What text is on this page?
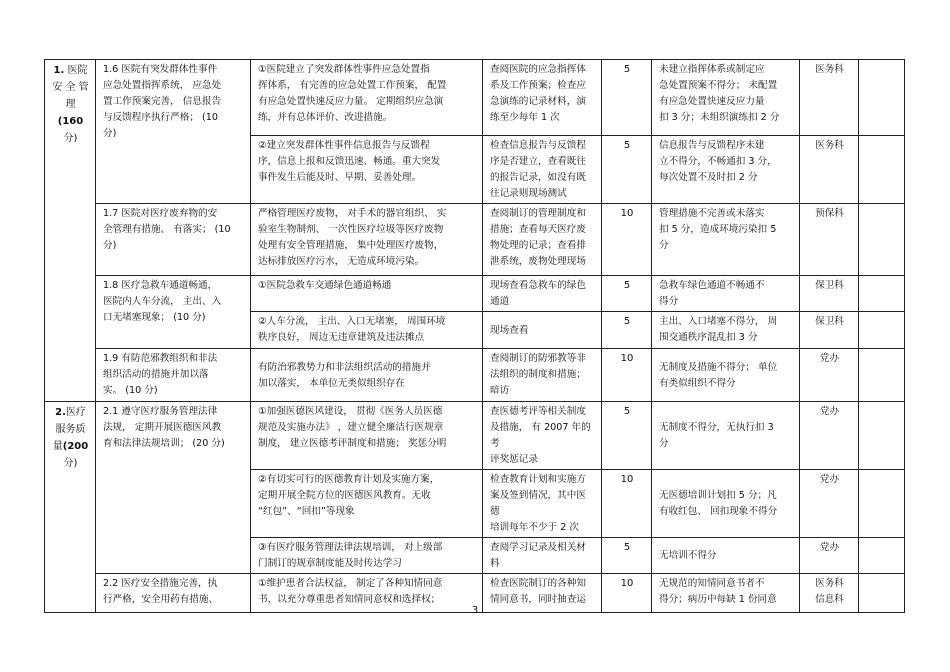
1. 医院
安 全 管
理 (160
分)	1.6 医院有突发群体性事件
应急处置指挥系统， 应急处
置工作预案完善， 信息报告
与反馈程序执行严格； (10
分)	①医院建立了突发群体性事件应急处置指
挥体系， 有完善的应急处置工作预案， 配置
有应急处置快速反应力量。 定期组织应急演
练，并有总体评价、改进措施。	查阅医院的应急指挥体
系及工作预案；检查应
急演练的记录材料，演
练至少每年 1 次	5	未建立指挥体系或制定应
急处置预案不得分； 未配置
有应急处置快速反应力量
扣 3 分；未组织演练扣 2 分	医务科	
		②建立突发群体性事件信息报告与反馈程
序，信息上报和反馈迅速、畅通。重大突发
事件发生后能及时、早期、妥善处理。	检查信息报告与反馈程
序是否建立，查看既往
的报告记录，如没有既
往记录则现场测试	5	信息报告与反馈程序未建
立不得分，不畅通扣 3 分，
每次处置不及时扣 2 分	医务科	
	1.7 医院对医疗废弃物的安
全管理有措施、 有落实； (10
分)	严格管理医疗废物， 对手术的器官组织、 实
验室生物制剂、 一次性医疗垃圾等医疗废物
处理有安全管理措施， 集中处理医疗废物，
达标排放医疗污水， 无造成环境污染。	查阅制订的管理制度和
措施；查看每天医疗废
物处理的记录；查看排
泄系统，废物处理现场	10	管理措施不完善或未落实
扣 5 分，造成环境污染扣 5
分	预保科	
	1.8 医疗急救车通道畅通，
医院内人车分流， 主出、入
口无堵塞现象； (10 分)	①医院急救车交通绿色通道畅通	现场查看急救车的绿色
通道	5	急救车绿色通道不畅通不
得分	保卫科	
		②人车分流， 主出、入口无堵塞， 周围环境
秩序良好， 周边无违章建筑及违法摊点	现场查看	5	主出、入口堵塞不得分， 周
围交通秩序混乱扣 3 分	保卫科	
	1.9 有防范邪教组织和非法
组织活动的措施并加以落
实。 (10 分)	有防治邪教势力和非法组织活动的措施并
加以落实， 本单位无类似组织存在	查阅制订的防邪教等非
法组织的制度和措施；
暗访	10	无制度及措施不得分； 单位
有类似组织不得分	党办	
2.医疗
服务质
量(200
分)	2.1 遵守医疗服务管理法律
法规， 定期开展医德医风教
育和法律法规培训； (20 分)	①加强医德医风建设， 贯彻《医务人员医德
规范及实施办法》 ，建立健全廉洁行医规章
制度， 建立医德考评制度和措施； 奖惩分明	查医德考评等相关制度
及措施， 有 2007 年的考
评奖惩记录	5	无制度不得分，无执行扣 3
分	党办	
		②有切实可行的医德教育计划及实施方案，
定期开展全院方位的医德医风教育。无收
“红包”、“回扣”等现象	检查教育计划和实施方
案及签到情况，其中医德
培训每年不少于 2 次	10	无医德培训计划扣 5 分；凡
有收红包、 回扣现象不得分	党办	
		③有医疗服务管理法律法规培训， 对上级部
门制订的规章制度能及时传达学习	查阅学习记录及相关材
料	5	无培训不得分	党办	
	2.2 医疗安全措施完善，执
行严格，安全用药有措施、	①维护患者合法权益， 制定了各种知情同意
书，以充分尊重患者知情同意权和选择权；	检查医院制订的各种知
情同意书，同时抽查运	10	无规范的知情同意书者不
得分；病历中每缺 1 份同意	医务科
信息科	
3
